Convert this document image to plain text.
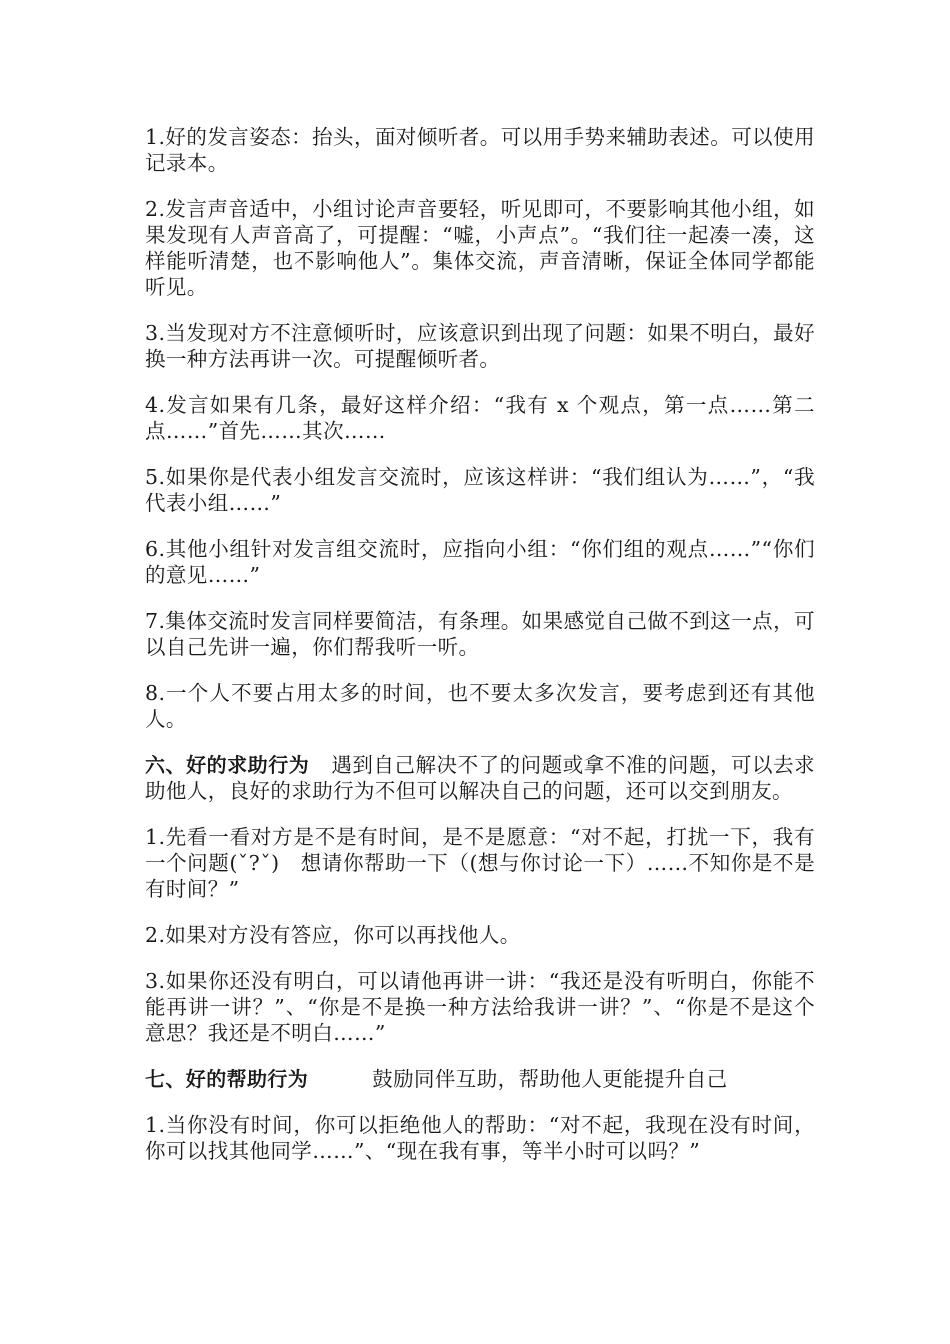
1.好的发言姿态：抬头，面对倾听者。可以用手势来辅助表述。可以使用记录本。

2.发言声音适中，小组讨论声音要轻，听见即可，不要影响其他小组，如果发现有人声音高了，可提醒：“嘘，小声点”。“我们往一起凑一凑，这样能听清楚，也不影响他人”。集体交流，声音清晰，保证全体同学都能听见。

3.当发现对方不注意倾听时，应该意识到出现了问题：如果不明白，最好换一种方法再讲一次。可提醒倾听者。

4.发言如果有几条，最好这样介绍：“我有 x 个观点，第一点……第二点……”首先……其次……

5.如果你是代表小组发言交流时，应该这样讲：“我们组认为……”，“我代表小组……”

6.其他小组针对发言组交流时，应指向小组：“你们组的观点……”“你们的意见……”

7.集体交流时发言同样要简洁，有条理。如果感觉自己做不到这一点，可以自己先讲一遍，你们帮我听一听。

8.一个人不要占用太多的时间，也不要太多次发言，要考虑到还有其他人。

六、好的求助行为 遇到自己解决不了的问题或拿不准的问题，可以去求助他人，良好的求助行为不但可以解决自己的问题，还可以交到朋友。

1.先看一看对方是不是有时间，是不是愿意：“对不起，打扰一下，我有一个问题(ˇ?ˇ)　想请你帮助一下（(想与你讨论一下）……不知你是不是有时间？”

2.如果对方没有答应，你可以再找他人。

3.如果你还没有明白，可以请他再讲一讲：“我还是没有听明白，你能不能再讲一讲？”、“你是不是换一种方法给我讲一讲？”、“你是不是这个意思？我还是不明白……”

七、好的帮助行为	鼓励同伴互助，帮助他人更能提升自己

1.当你没有时间，你可以拒绝他人的帮助：“对不起，我现在没有时间，你可以找其他同学……”、“现在我有事，等半小时可以吗？”
